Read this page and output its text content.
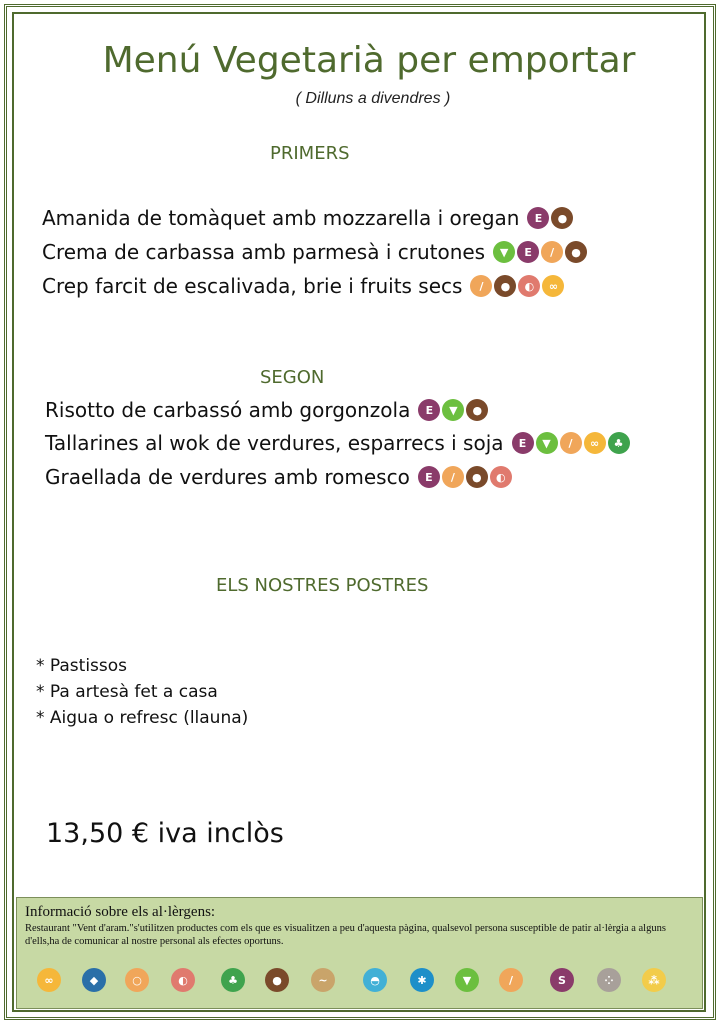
Menú Vegetarià per emportar
( Dilluns a divendres )
PRIMERS
Amanida de tomàquet amb mozzarella i oregan	E	●
Crema de carbassa amb parmesà i crutones	▼	E	/	●
Crep farcit de escalivada, brie i fruits secs	/	●	◐	∞
SEGON
Risotto de carbassó amb gorgonzola	E	▼	●
Tallarines al wok de verdures, esparrecs i soja	E	▼	/	∞	♣
Graellada de verdures amb romesco	E	/	●	◐
ELS NOSTRES POSTRES
* Pastissos
* Pa artesà fet a casa
* Aigua o refresc (llauna)
13,50 € iva inclòs
Informació sobre els al·lèrgens:
Restaurant "Vent d'aram."s'utilitzen productes com els que es visualitzen a peu d'aquesta pàgina, qualsevol persona susceptible de patir al·lèrgia a alguns d'ells,ha de comunicar al nostre personal als efectes oportuns.
∞	◆	○	◐	♣	●	~	◓	✱	▼	/	S	⁘	⁂
